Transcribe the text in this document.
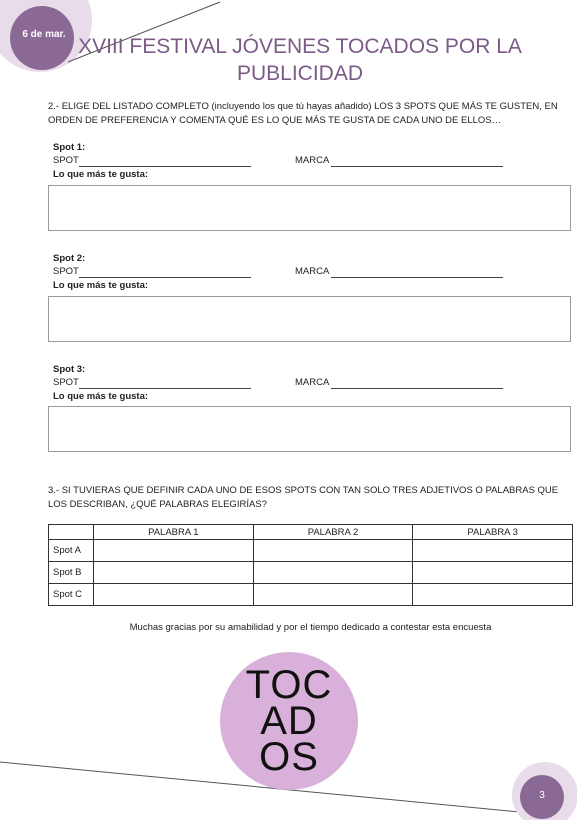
6 de mar.
XVIII FESTIVAL JÓVENES TOCADOS POR LA PUBLICIDAD
2.- ELIGE DEL LISTADO COMPLETO (incluyendo los que tú hayas añadido) LOS 3 SPOTS QUE MÁS TE GUSTEN, EN ORDEN DE PREFERENCIA Y COMENTA QUÉ ES LO QUE MÁS TE GUSTA DE CADA UNO DE ELLOS…
Spot 1:
SPOT	MARCA
Lo que más te gusta:
Spot 2:
SPOT	MARCA
Lo que más te gusta:
Spot 3:
SPOT	MARCA
Lo que más te gusta:
3.- SI TUVIERAS QUE DEFINIR CADA UNO DE ESOS SPOTS CON TAN SOLO TRES ADJETIVOS O PALABRAS QUE LOS DESCRIBAN, ¿QUÉ PALABRAS ELEGIRÍAS?
	PALABRA 1	PALABRA 2	PALABRA 3
Spot A			
Spot B			
Spot C			
Muchas gracias por su amabilidad y por el tiempo dedicado a contestar esta encuesta
TOC
AD
OS
3
